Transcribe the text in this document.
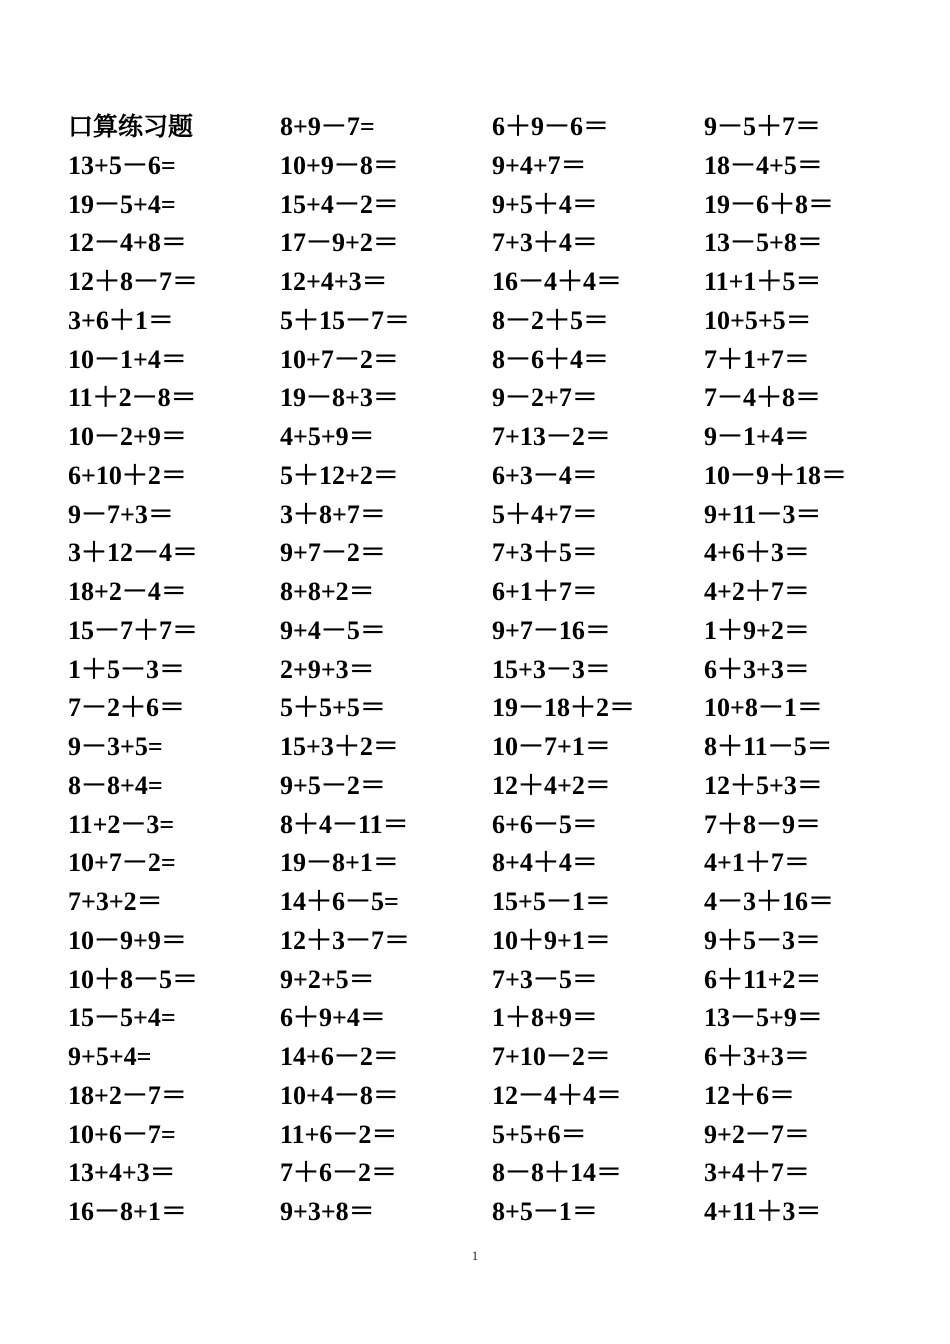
口算练习题	8+9－7=	6＋9－6＝	9－5＋7＝
13+5－6=	10+9－8＝	9+4+7＝	18－4+5＝
19－5+4=	15+4－2＝	9+5＋4＝	19－6＋8＝
12－4+8＝	17－9+2＝	7+3＋4＝	13－5+8＝
12＋8－7＝	12+4+3＝	16－4＋4＝	11+1＋5＝
3+6＋1＝	5＋15－7＝	8－2＋5＝	10+5+5＝
10－1+4＝	10+7－2＝	8－6＋4＝	7＋1+7＝
11＋2－8＝	19－8+3＝	9－2+7＝	7－4＋8＝
10－2+9＝	4+5+9＝	7+13－2＝	9－1+4＝
6+10＋2＝	5＋12+2＝	6+3－4＝	10－9＋18＝
9－7+3＝	3＋8+7＝	5＋4+7＝	9+11－3＝
3＋12－4＝	9+7－2＝	7+3＋5＝	4+6＋3＝
18+2－4＝	8+8+2＝	6+1＋7＝	4+2＋7＝
15－7＋7＝	9+4－5＝	9+7－16＝	1＋9+2＝
1＋5－3＝	2+9+3＝	15+3－3＝	6＋3+3＝
7－2＋6＝	5＋5+5＝	19－18＋2＝	10+8－1＝
9－3+5=	15+3＋2＝	10－7+1＝	8＋11－5＝
8－8+4=	9+5－2＝	12＋4+2＝	12＋5+3＝
11+2－3=	8＋4－11＝	6+6－5＝	7＋8－9＝
10+7－2=	19－8+1＝	8+4＋4＝	4+1＋7＝
7+3+2＝	14＋6－5=	15+5－1＝	4－3＋16＝
10－9+9＝	12＋3－7＝	10＋9+1＝	9＋5－3＝
10＋8－5＝	9+2+5＝	7+3－5＝	6＋11+2＝
15－5+4=	6＋9+4＝	1＋8+9＝	13－5+9＝
9+5+4=	14+6－2＝	7+10－2＝	6＋3+3＝
18+2－7＝	10+4－8＝	12－4＋4＝	12＋6＝
10+6－7=	11+6－2＝	5+5+6＝	9+2－7＝
13+4+3＝	7＋6－2＝	8－8＋14＝	3+4＋7＝
16－8+1＝	9+3+8＝	8+5－1＝	4+11＋3＝
1
